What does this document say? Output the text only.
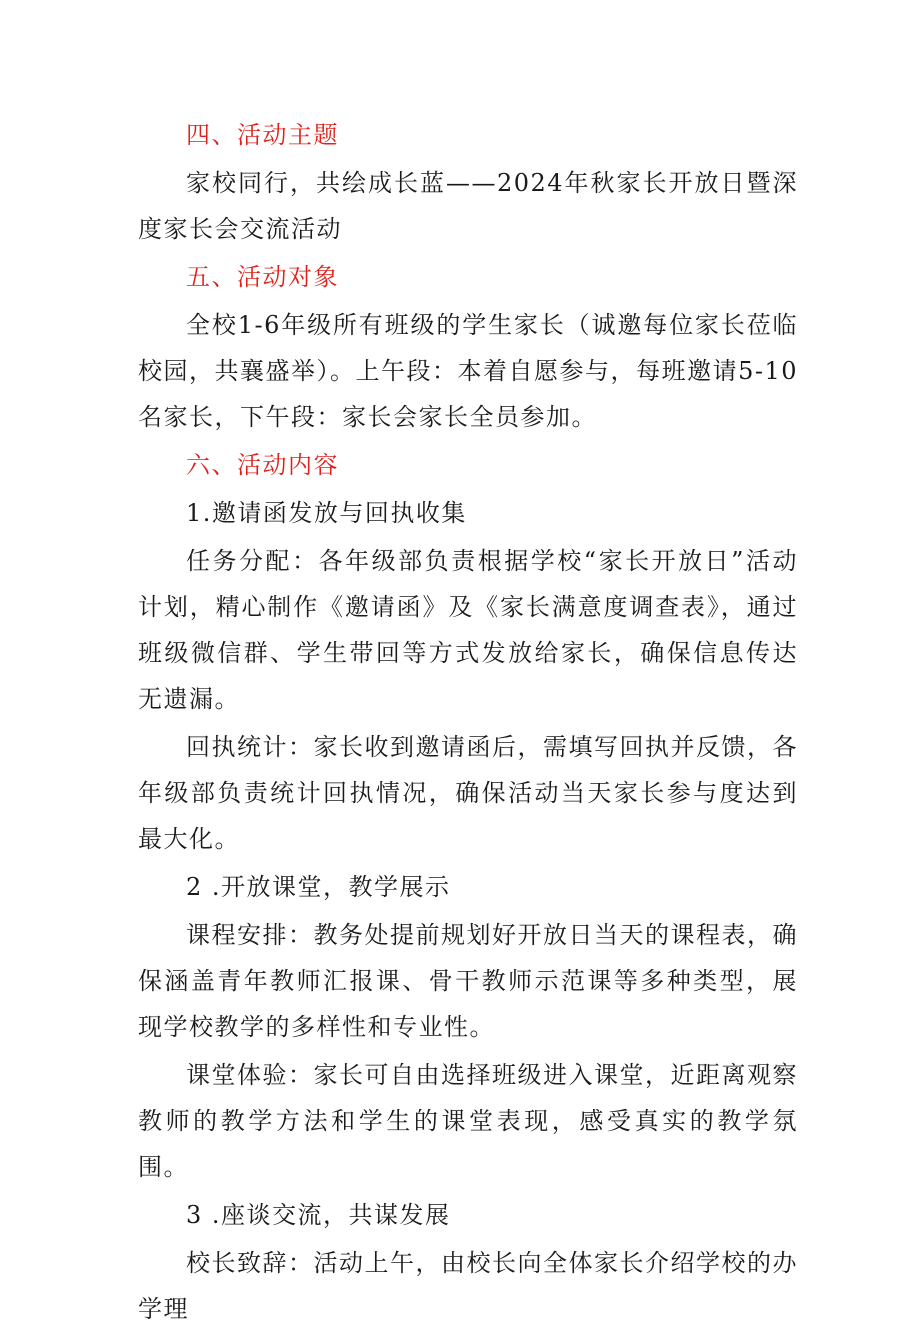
四、活动主题

家校同行，共绘成长蓝——2024年秋家长开放日暨深度家长会交流活动

五、活动对象

全校1-6年级所有班级的学生家长（诚邀每位家长莅临校园，共襄盛举）。上午段：本着自愿参与，每班邀请5-10名家长，下午段：家长会家长全员参加。

六、活动内容

1.邀请函发放与回执收集

任务分配：各年级部负责根据学校“家长开放日”活动计划，精心制作《邀请函》及《家长满意度调查表》，通过班级微信群、学生带回等方式发放给家长，确保信息传达无遗漏。

回执统计：家长收到邀请函后，需填写回执并反馈，各年级部负责统计回执情况，确保活动当天家长参与度达到最大化。

2 .开放课堂，教学展示

课程安排：教务处提前规划好开放日当天的课程表，确保涵盖青年教师汇报课、骨干教师示范课等多种类型，展现学校教学的多样性和专业性。

课堂体验：家长可自由选择班级进入课堂，近距离观察教师的教学方法和学生的课堂表现，感受真实的教学氛围。

3 .座谈交流，共谋发展

校长致辞：活动上午，由校长向全体家长介绍学校的办学理
